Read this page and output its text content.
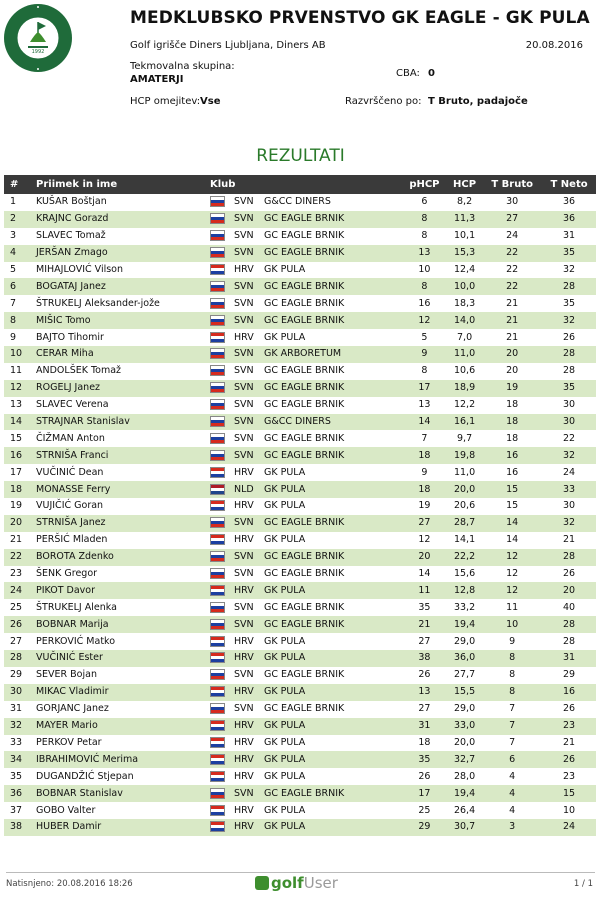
1992
MEDKLUBSKO PRVENSTVO GK EAGLE - GK PULA
Golf igrišče Diners Ljubljana, Diners AB	20.08.2016
Tekmovalna skupina:
AMATERJI
CBA: 0
HCP omejitev: Vse	Razvrščeno po: T Bruto, padajoče
REZULTATI
#	Priimek in ime	Klub			pHCP	HCP	T Bruto	T Neto
1	KUŠAR Boštjan		SVN	G&CC DINERS	6	8,2	30	36
2	KRAJNC Gorazd		SVN	GC EAGLE BRNIK	8	11,3	27	36
3	SLAVEC Tomaž		SVN	GC EAGLE BRNIK	8	10,1	24	31
4	JERŠAN Zmago		SVN	GC EAGLE BRNIK	13	15,3	22	35
5	MIHAJLOVIĆ Vilson		HRV	GK PULA	10	12,4	22	32
6	BOGATAJ Janez		SVN	GC EAGLE BRNIK	8	10,0	22	28
7	ŠTRUKELJ Aleksander-jože		SVN	GC EAGLE BRNIK	16	18,3	21	35
8	MIŠIC Tomo		SVN	GC EAGLE BRNIK	12	14,0	21	32
9	BAJTO Tihomir		HRV	GK PULA	5	7,0	21	26
10	CERAR Miha		SVN	GK ARBORETUM	9	11,0	20	28
11	ANDOLŠEK Tomaž		SVN	GC EAGLE BRNIK	8	10,6	20	28
12	ROGELJ Janez		SVN	GC EAGLE BRNIK	17	18,9	19	35
13	SLAVEC Verena		SVN	GC EAGLE BRNIK	13	12,2	18	30
14	STRAJNAR Stanislav		SVN	G&CC DINERS	14	16,1	18	30
15	ČIŽMAN Anton		SVN	GC EAGLE BRNIK	7	9,7	18	22
16	STRNIŠA Franci		SVN	GC EAGLE BRNIK	18	19,8	16	32
17	VUČINIĆ Dean		HRV	GK PULA	9	11,0	16	24
18	MONASSE Ferry		NLD	GK PULA	18	20,0	15	33
19	VUJIČIĆ Goran		HRV	GK PULA	19	20,6	15	30
20	STRNIŠA Janez		SVN	GC EAGLE BRNIK	27	28,7	14	32
21	PERŠIĆ Mladen		HRV	GK PULA	12	14,1	14	21
22	BOROTA Zdenko		SVN	GC EAGLE BRNIK	20	22,2	12	28
23	ŠENK Gregor		SVN	GC EAGLE BRNIK	14	15,6	12	26
24	PIKOT Davor		HRV	GK PULA	11	12,8	12	20
25	ŠTRUKELJ Alenka		SVN	GC EAGLE BRNIK	35	33,2	11	40
26	BOBNAR Marija		SVN	GC EAGLE BRNIK	21	19,4	10	28
27	PERKOVIĆ Matko		HRV	GK PULA	27	29,0	9	28
28	VUČINIĆ Ester		HRV	GK PULA	38	36,0	8	31
29	SEVER Bojan		SVN	GC EAGLE BRNIK	26	27,7	8	29
30	MIKAC Vladimir		HRV	GK PULA	13	15,5	8	16
31	GORJANC Janez		SVN	GC EAGLE BRNIK	27	29,0	7	26
32	MAYER Mario		HRV	GK PULA	31	33,0	7	23
33	PERKOV Petar		HRV	GK PULA	18	20,0	7	21
34	IBRAHIMOVIĆ Merima		HRV	GK PULA	35	32,7	6	26
35	DUGANDŽIĆ Stjepan		HRV	GK PULA	26	28,0	4	23
36	BOBNAR Stanislav		SVN	GC EAGLE BRNIK	17	19,4	4	15
37	GOBO Valter		HRV	GK PULA	25	26,4	4	10
38	HUBER Damir		HRV	GK PULA	29	30,7	3	24
Natisnjeno: 20.08.2016 18:26	golfUser	1 / 1
